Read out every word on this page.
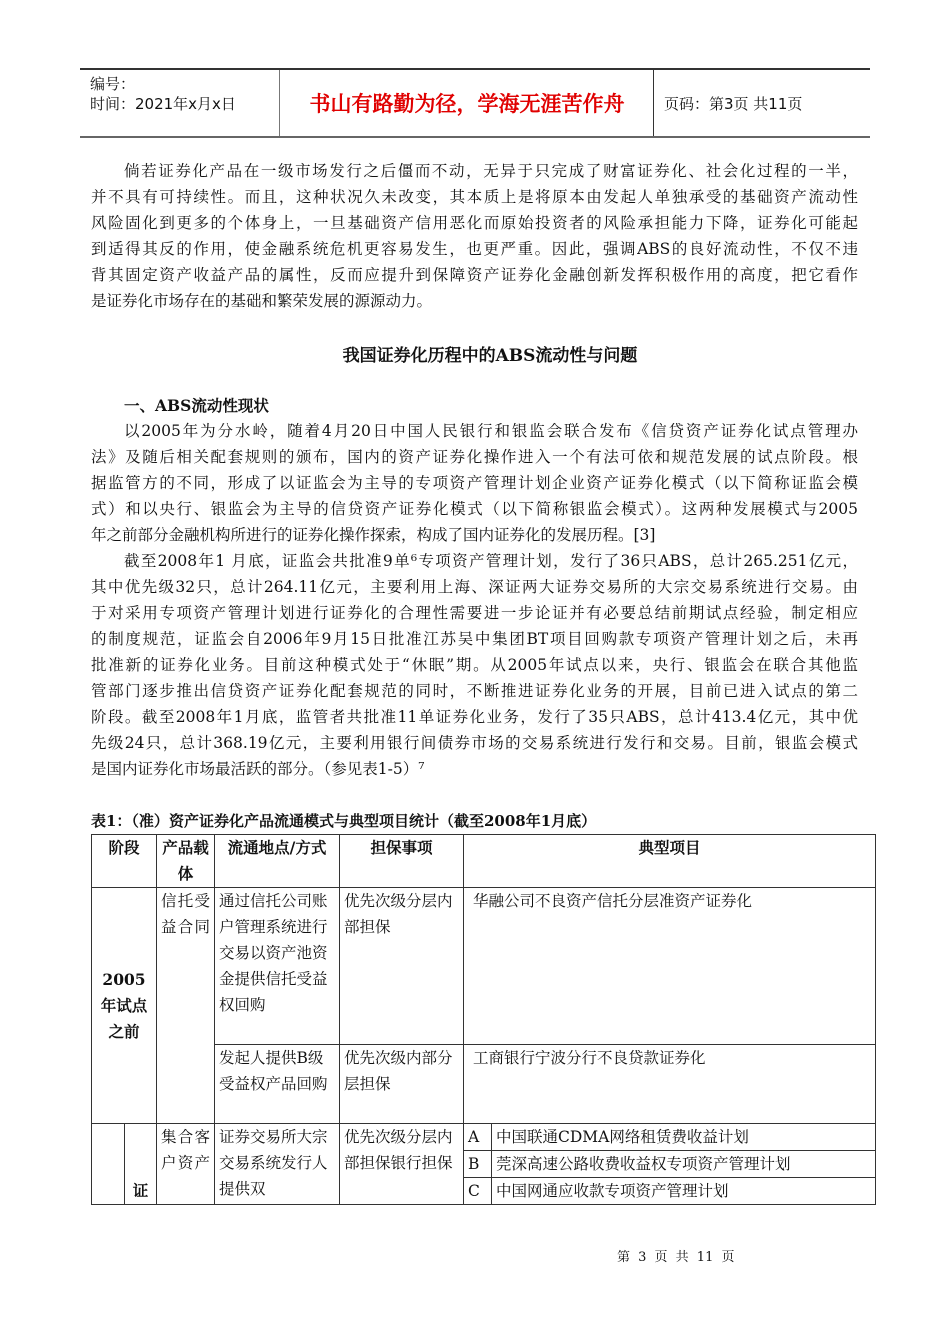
编号：
时间：2021年x月x日	书山有路勤为径，学海无涯苦作舟	页码：第3页 共11页
倘若证券化产品在一级市场发行之后僵而不动，无异于只完成了财富证券化、社会化过程的一半，
并不具有可持续性。而且，这种状况久未改变，其本质上是将原本由发起人单独承受的基础资产流动性
风险固化到更多的个体身上，一旦基础资产信用恶化而原始投资者的风险承担能力下降，证券化可能起
到适得其反的作用，使金融系统危机更容易发生，也更严重。因此，强调ABS的良好流动性，不仅不违
背其固定资产收益产品的属性，反而应提升到保障资产证券化金融创新发挥积极作用的高度，把它看作
是证券化市场存在的基础和繁荣发展的源源动力。
我国证券化历程中的ABS流动性与问题
一、ABS流动性现状
以2005年为分水岭，随着4月20日中国人民银行和银监会联合发布《信贷资产证券化试点管理办
法》及随后相关配套规则的颁布，国内的资产证券化操作进入一个有法可依和规范发展的试点阶段。根
据监管方的不同，形成了以证监会为主导的专项资产管理计划企业资产证券化模式（以下简称证监会模
式）和以央行、银监会为主导的信贷资产证券化模式（以下简称银监会模式）。这两种发展模式与2005
年之前部分金融机构所进行的证券化操作探索，构成了国内证券化的发展历程。[3]
截至2008年1 月底，证监会共批准9单⁶专项资产管理计划，发行了36只ABS，总计265.251亿元，
其中优先级32只，总计264.11亿元，主要利用上海、深证两大证券交易所的大宗交易系统进行交易。由
于对采用专项资产管理计划进行证券化的合理性需要进一步论证并有必要总结前期试点经验，制定相应
的制度规范，证监会自2006年9月15日批准江苏吴中集团BT项目回购款专项资产管理计划之后，未再
批准新的证券化业务。目前这种模式处于“休眠”期。从2005年试点以来，央行、银监会在联合其他监
管部门逐步推出信贷资产证券化配套规范的同时，不断推进证券化业务的开展，目前已进入试点的第二
阶段。截至2008年1月底，监管者共批准11单证券化业务，发行了35只ABS，总计413.4亿元，其中优
先级24只，总计368.19亿元，主要利用银行间债券市场的交易系统进行发行和交易。目前，银监会模式
是国内证券化市场最活跃的部分。（参见表1-5）⁷
表1：（准）资产证券化产品流通模式与典型项目统计（截至2008年1月底）
阶段		产品载体	流通地点/方式	担保事项	典型项目	
2005年试点之前		信托受益合同	通过信托公司账户管理系统进行交易以资产池资金提供信托受益权回购	优先次级分层内部担保	华融公司不良资产信托分层准资产证券化	
			发起人提供B级受益权产品回购	优先次级内部分层担保	工商银行宁波分行不良贷款证券化	
	证	集合客户资产	证券交易所大宗交易系统发行人提供双	优先次级分层内部担保银行担保	A	中国联通CDMA网络租赁费收益计划
					B	莞深高速公路收费收益权专项资产管理计划
					C	中国网通应收款专项资产管理计划
第 3 页 共 11 页
